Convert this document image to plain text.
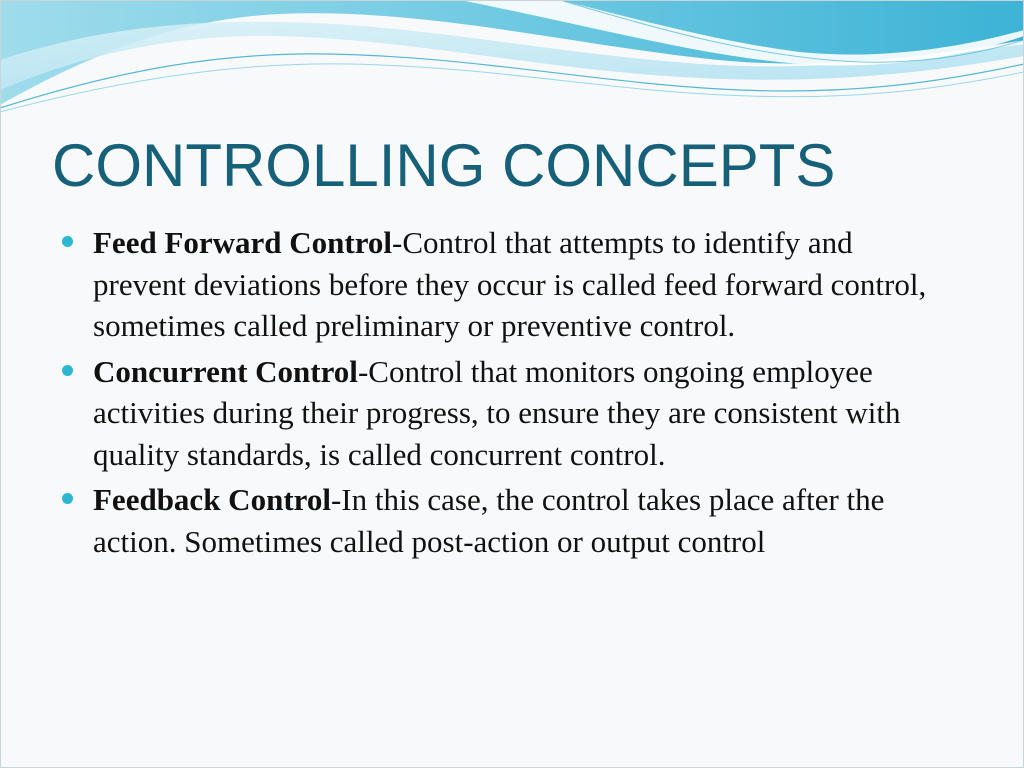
CONTROLLING CONCEPTS
Feed Forward Control-Control that attempts to identify and prevent deviations before they occur is called feed forward control, sometimes called preliminary or preventive control.
Concurrent Control-Control that monitors ongoing employee activities during their progress, to ensure they are consistent with quality standards, is called concurrent control.
Feedback Control-In this case, the control takes place after the action. Sometimes called post-action or output control
